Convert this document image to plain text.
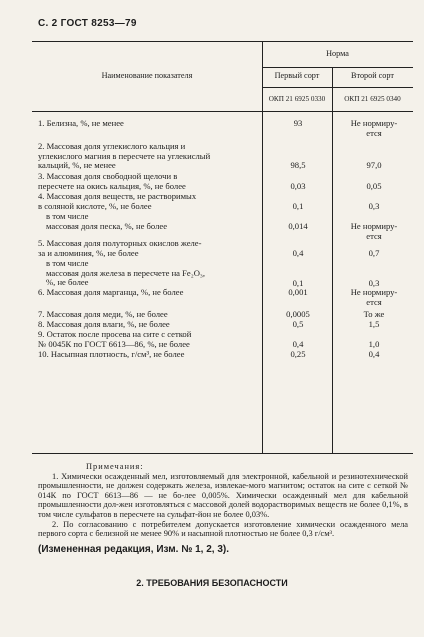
С. 2 ГОСТ 8253—79
Наименование показателя
Норма
Первый сорт	Второй сорт
ОКП 21 6925 0330	ОКП 21 6925 0340
1. Белизна, %, не менее	93	Не нормиру-
ется
2. Массовая доля углекислого кальция и
углекислого магния в пересчете на углекислый
кальций, %, не менее	98,5	97,0
3. Массовая доля свободной щелочи в
пересчете на окись кальция, %, не более	0,03	0,05
4. Массовая доля веществ, не растворимых
в соляной кислоте, %, не более	0,1	0,3
в том числе
массовая доля песка, %, не более	0,014	Не нормиру-
ется
5. Массовая доля полуторных окислов желе-
за и алюминия, %, не более	0,4	0,7
в том числе
массовая доля железа в пересчете на Fe₂O₃,
%, не более	0,1	0,3
6. Массовая доля марганца, %, не более	0,001	Не нормиру-
ется
7. Массовая доля меди, %, не более	0,0005	То же
8. Массовая доля влаги, %, не более	0,5	1,5
9. Остаток после просева на сите с сеткой
№ 0045К по ГОСТ 6613—86, %, не более	0,4	1,0
10. Насыпная плотность, г/см³, не более	0,25	0,4

Примечания:

1. Химически осажденный мел, изготовляемый для электронной, кабельной и резинотехнической промышленности, не должен содержать железа, извлекае-мого магнитом; остаток на сите с сеткой № 014К по ГОСТ 6613—86 — не бо-лее 0,005%. Химически осажденный мел для кабельной промышленности дол-жен изготовляться с массовой долей водорастворимых веществ не более 0,1%, в том числе сульфатов в пересчете на сульфат-йон не более 0,03%.

2. По согласованию с потребителем допускается изготовление химически осажденного мела первого сорта с белизной не менее 90% и насыпной плотностью не более 0,3 г/см³.

(Измененная редакция, Изм. № 1, 2, 3).

2. ТРЕБОВАНИЯ БЕЗОПАСНОСТИ
